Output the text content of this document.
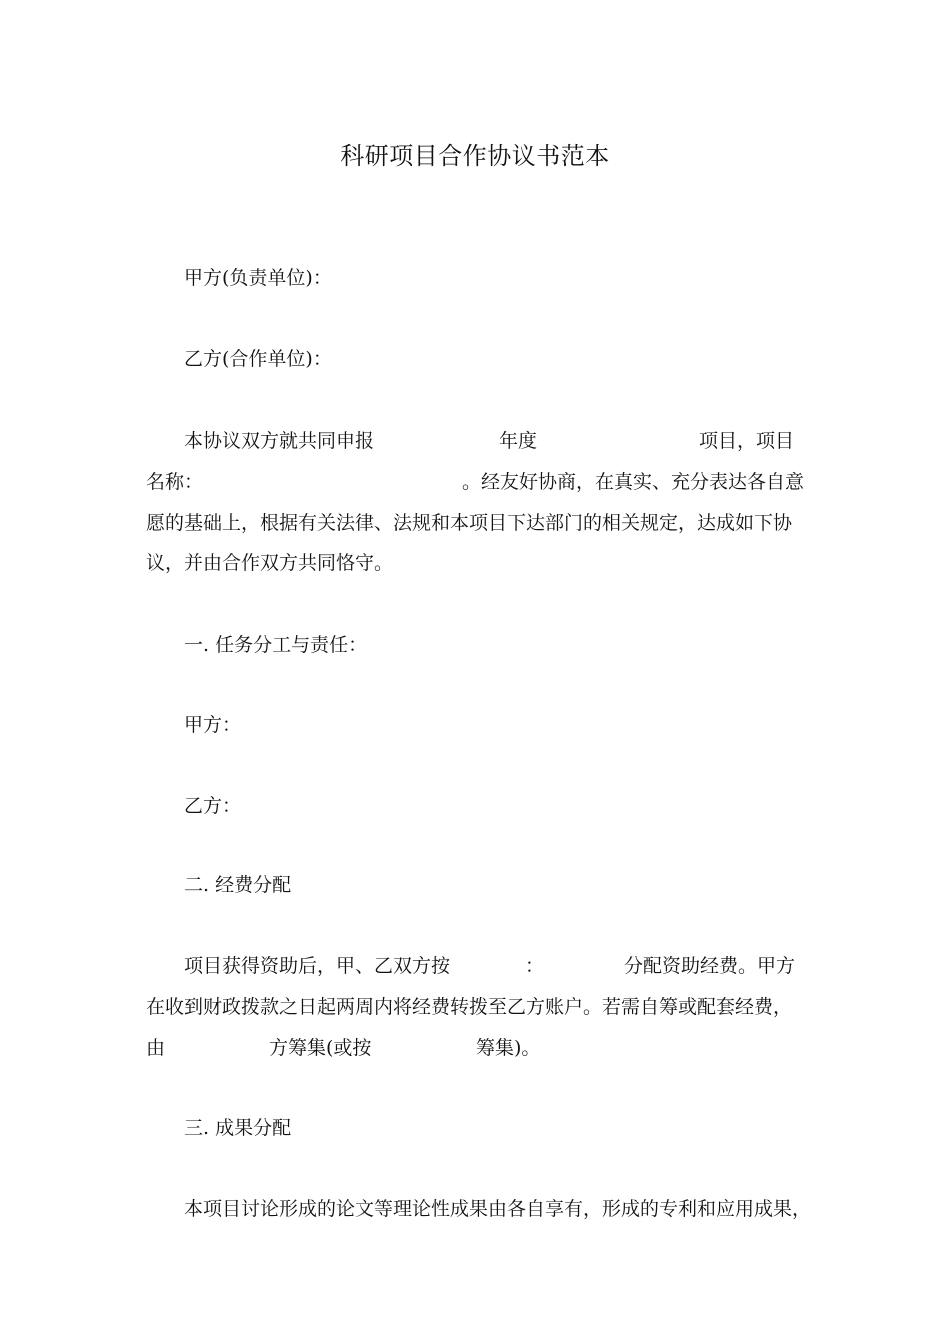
科研项目合作协议书范本
甲方(负责单位)：
乙方(合作单位)：
本协议双方就共同申报	年度	项目，项目
名称：	。经友好协商，在真实、充分表达各自意
愿的基础上，根据有关法律、法规和本项目下达部门的相关规定，达成如下协
议，并由合作双方共同恪守。
一. 任务分工与责任：
甲方：
乙方：
二. 经费分配
项目获得资助后，甲、乙双方按	：	分配资助经费。甲方
在收到财政拨款之日起两周内将经费转拨至乙方账户。若需自筹或配套经费，
由	方筹集(或按	筹集)。
三. 成果分配
本项目讨论形成的论文等理论性成果由各自享有，形成的专利和应用成果，
